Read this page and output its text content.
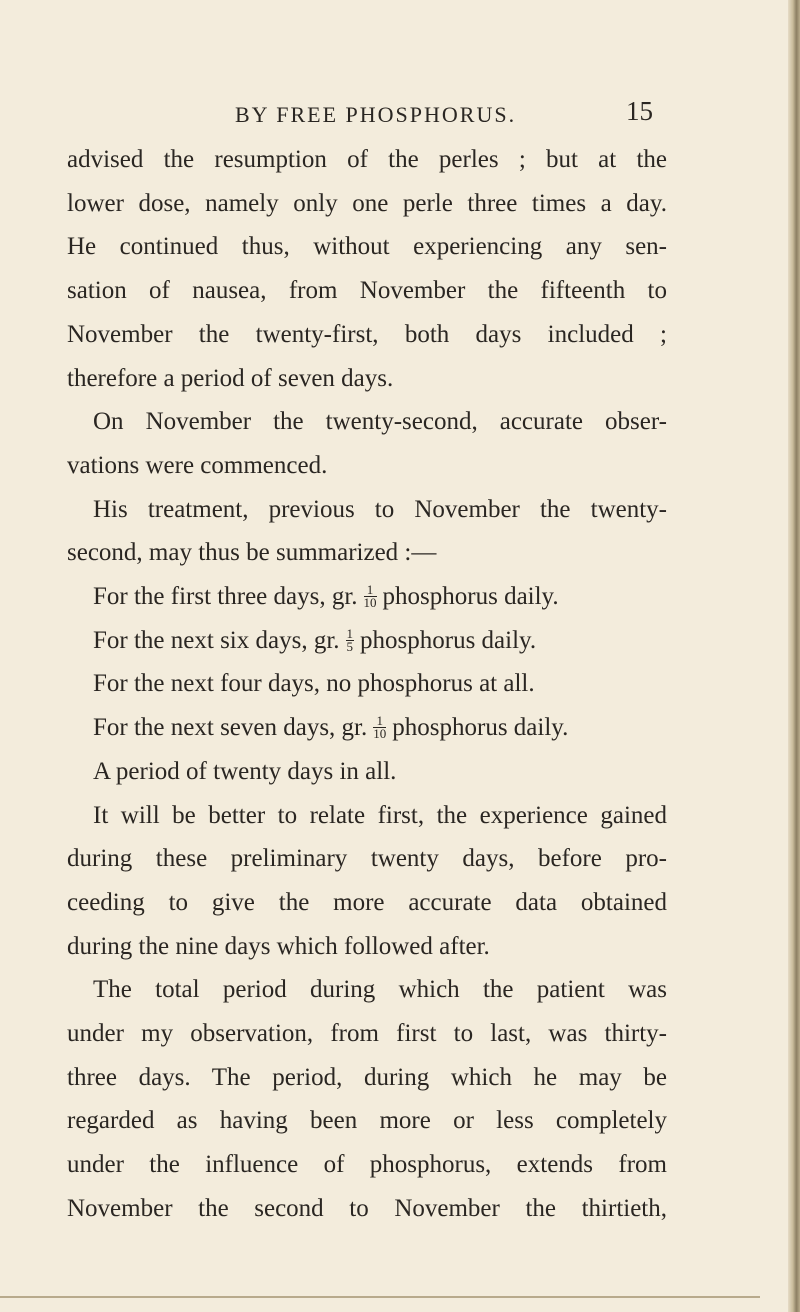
BY FREE PHOSPHORUS.	15
advised the resumption of the perles ; but at the
lower dose, namely only one perle three times a day.
He continued thus, without experiencing any sen-
sation of nausea, from November the fifteenth to
November the twenty-first, both days included ;
therefore a period of seven days.
On November the twenty-second, accurate obser-
vations were commenced.
His treatment, previous to November the twenty-
second, may thus be summarized :—
For the first three days, gr. $\frac{1}{10}$ phosphorus daily.
For the next six days, gr. $\frac{1}{5}$ phosphorus daily.
For the next four days, no phosphorus at all.
For the next seven days, gr. $\frac{1}{10}$ phosphorus daily.
A period of twenty days in all.
It will be better to relate first, the experience gained
during these preliminary twenty days, before pro-
ceeding to give the more accurate data obtained
during the nine days which followed after.
The total period during which the patient was
under my observation, from first to last, was thirty-
three days. The period, during which he may be
regarded as having been more or less completely
under the influence of phosphorus, extends from
November the second to November the thirtieth,
